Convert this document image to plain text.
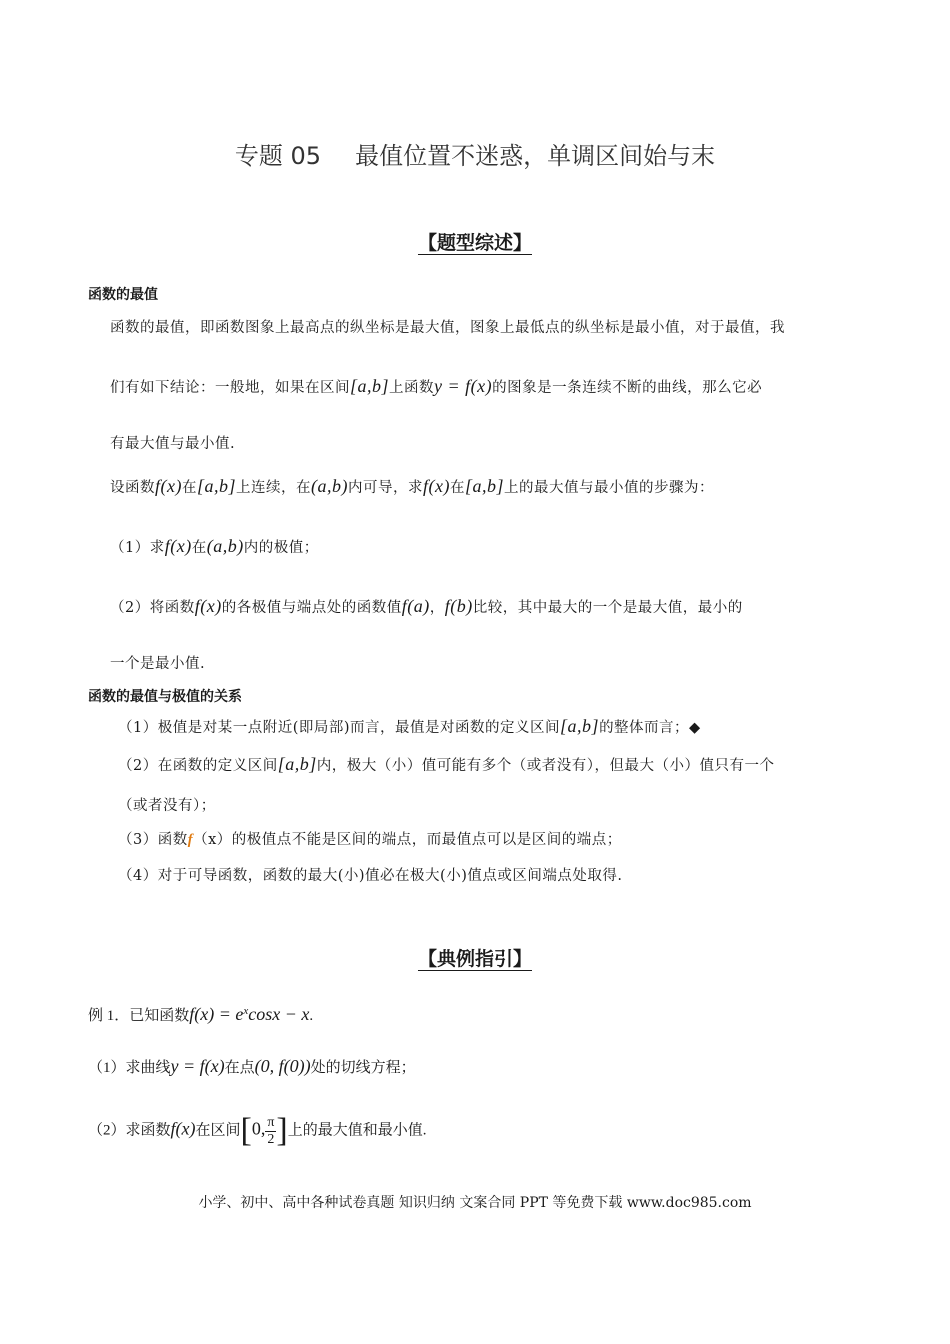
专题 05 最值位置不迷惑，单调区间始与末
【题型综述】
函数的最值
函数的最值，即函数图象上最高点的纵坐标是最大值，图象上最低点的纵坐标是最小值，对于最值，我
们有如下结论：一般地，如果在区间[a,b]上函数y = f(x)的图象是一条连续不断的曲线，那么它必
有最大值与最小值.
设函数f(x)在[a,b]上连续，在(a,b)内可导，求f(x)在[a,b]上的最大值与最小值的步骤为：
（1）求f(x)在(a,b)内的极值；
（2）将函数f(x)的各极值与端点处的函数值f(a)，f(b)比较，其中最大的一个是最大值，最小的
一个是最小值.
函数的最值与极值的关系
（1）极值是对某一点附近(即局部)而言，最值是对函数的定义区间[a,b]的整体而言；◆
（2）在函数的定义区间[a,b]内，极大（小）值可能有多个（或者没有），但最大（小）值只有一个
（或者没有）；
（3）函数f（x）的极值点不能是区间的端点，而最值点可以是区间的端点；
（4）对于可导函数，函数的最大(小)值必在极大(小)值点或区间端点处取得.
【典例指引】
例 1．已知函数$f(x) = e^x\cos x - x$.
（1）求曲线y = f(x)在点(0, f(0))处的切线方程；
（2）求函数f(x)在区间[0, $\frac{\pi}{2}$ ]上的最大值和最小值.
小学、初中、高中各种试卷真题 知识归纳 文案合同 PPT 等免费下载 www.doc985.com
